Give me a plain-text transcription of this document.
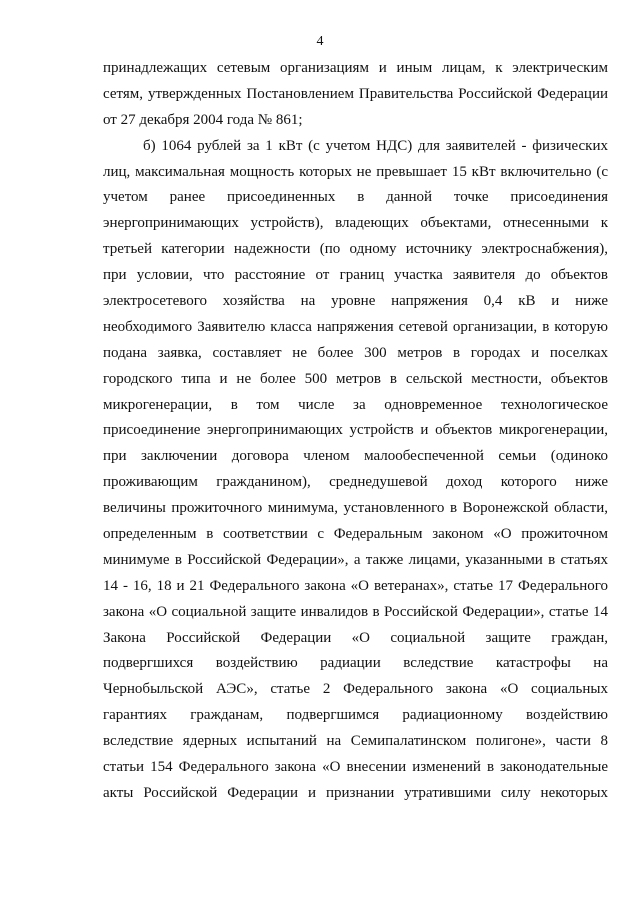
4
принадлежащих сетевым организациям и иным лицам, к электрическим
сетям, утвержденных Постановлением Правительства Российской Федерации
от 27 декабря 2004 года № 861;
б) 1064 рублей за 1 кВт (с учетом НДС) для заявителей - физических
лиц, максимальная мощность которых не превышает 15 кВт включительно (с
учетом ранее присоединенных в данной точке присоединения
энергопринимающих устройств), владеющих объектами, отнесенными к
третьей категории надежности (по одному источнику электроснабжения),
при условии, что расстояние от границ участка заявителя до объектов
электросетевого хозяйства на уровне напряжения 0,4 кВ и ниже
необходимого Заявителю класса напряжения сетевой организации, в которую
подана заявка, составляет не более 300 метров в городах и поселках
городского типа и не более 500 метров в сельской местности, объектов
микрогенерации, в том числе за одновременное технологическое
присоединение энергопринимающих устройств и объектов микрогенерации,
при заключении договора членом малообеспеченной семьи (одиноко
проживающим гражданином), среднедушевой доход которого ниже
величины прожиточного минимума, установленного в Воронежской области,
определенным в соответствии с Федеральным законом «О прожиточном
минимуме в Российской Федерации», а также лицами, указанными в статьях
14 - 16, 18 и 21 Федерального закона «О ветеранах», статье 17 Федерального
закона «О социальной защите инвалидов в Российской Федерации», статье 14
Закона Российской Федерации «О социальной защите граждан,
подвергшихся воздействию радиации вследствие катастрофы на
Чернобыльской АЭС», статье 2 Федерального закона «О социальных
гарантиях гражданам, подвергшимся радиационному воздействию
вследствие ядерных испытаний на Семипалатинском полигоне», части 8
статьи 154 Федерального закона «О внесении изменений в законодательные
акты Российской Федерации и признании утратившими силу некоторых
